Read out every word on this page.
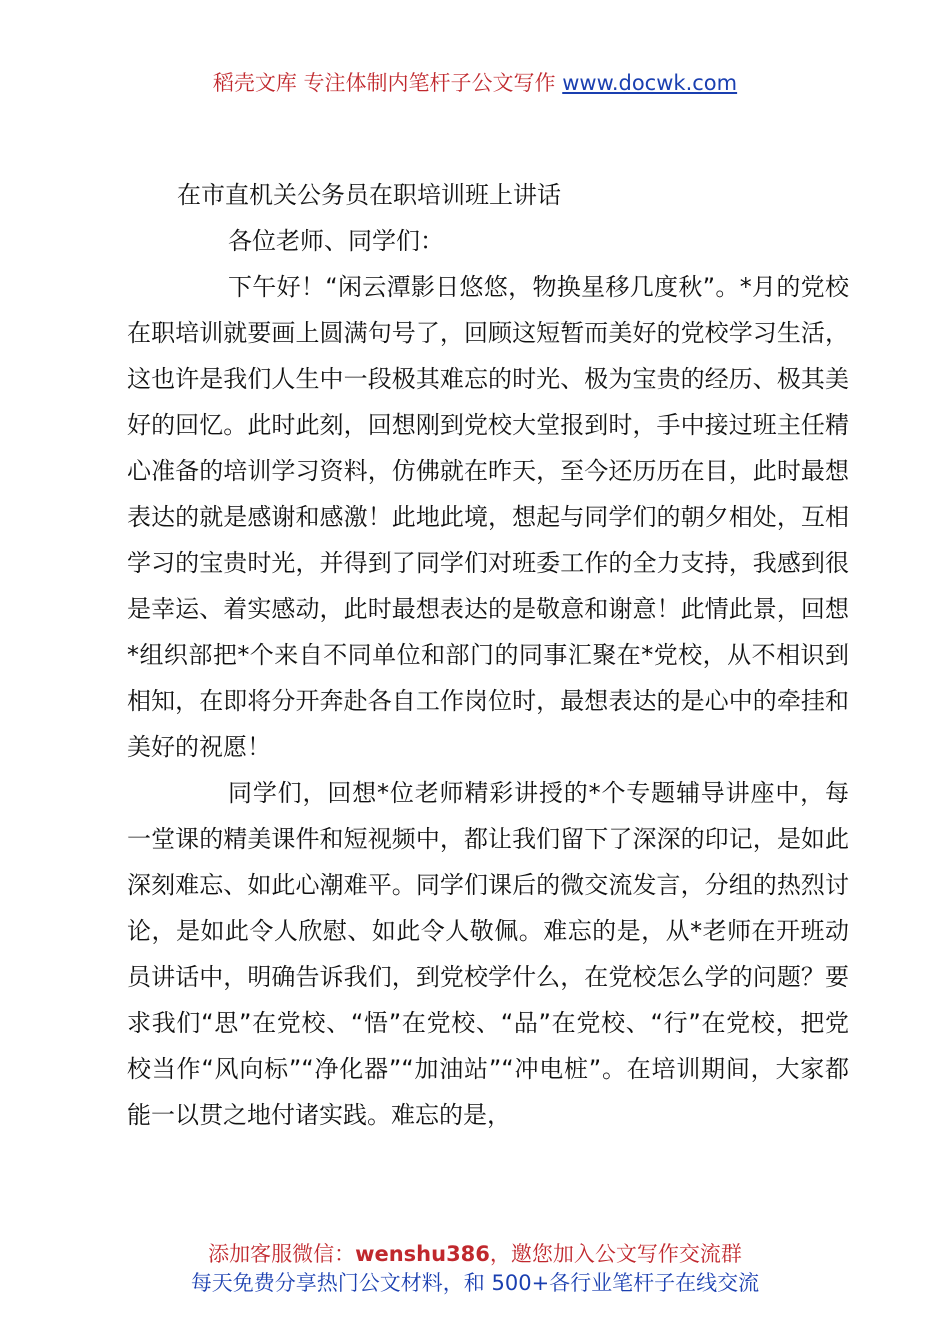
稻壳文库 专注体制内笔杆子公文写作 www.docwk.com

在市直机关公务员在职培训班上讲话

各位老师、同学们：

下午好！“闲云潭影日悠悠，物换星移几度秋”。*月的党校在职培训就要画上圆满句号了，回顾这短暂而美好的党校学习生活，这也许是我们人生中一段极其难忘的时光、极为宝贵的经历、极其美好的回忆。此时此刻，回想刚到党校大堂报到时，手中接过班主任精心准备的培训学习资料，仿佛就在昨天，至今还历历在目，此时最想表达的就是感谢和感激！此地此境，想起与同学们的朝夕相处，互相学习的宝贵时光，并得到了同学们对班委工作的全力支持，我感到很是幸运、着实感动，此时最想表达的是敬意和谢意！此情此景，回想*组织部把*个来自不同单位和部门的同事汇聚在*党校，从不相识到相知，在即将分开奔赴各自工作岗位时，最想表达的是心中的牵挂和美好的祝愿！

同学们，回想*位老师精彩讲授的*个专题辅导讲座中，每一堂课的精美课件和短视频中，都让我们留下了深深的印记，是如此深刻难忘、如此心潮难平。同学们课后的微交流发言，分组的热烈讨论，是如此令人欣慰、如此令人敬佩。难忘的是，从*老师在开班动员讲话中，明确告诉我们，到党校学什么，在党校怎么学的问题？要求我们“思”在党校、“悟”在党校、“品”在党校、“行”在党校，把党校当作“风向标”“净化器”“加油站”“冲电桩”。在培训期间，大家都能一以贯之地付诸实践。难忘的是，

添加客服微信：wenshu386，邀您加入公文写作交流群
每天免费分享热门公文材料，和 500+各行业笔杆子在线交流
